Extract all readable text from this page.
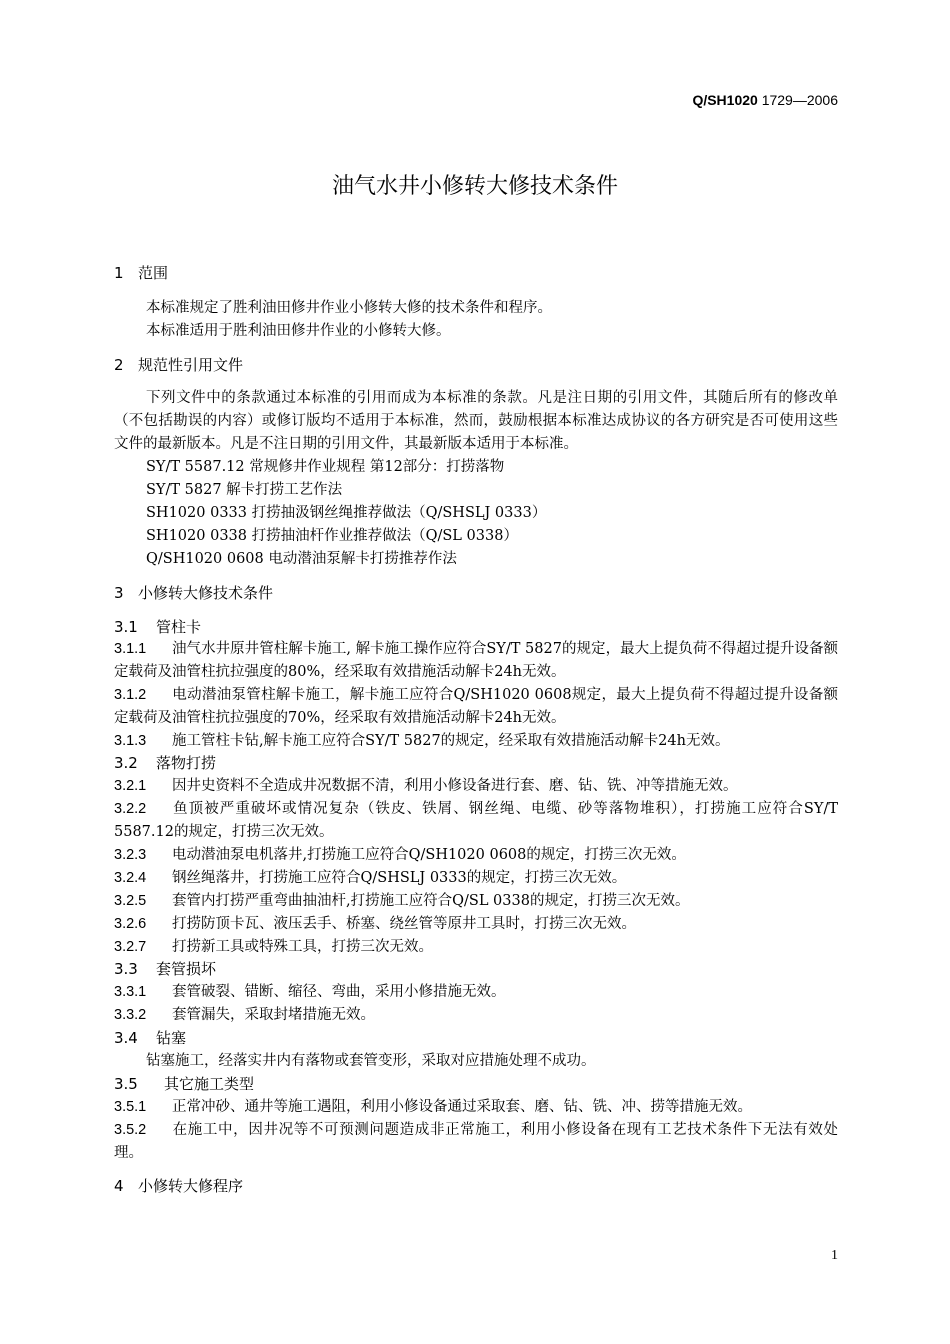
Q/SH1020 1729—2006
油气水井小修转大修技术条件
1 范围
本标准规定了胜利油田修井作业小修转大修的技术条件和程序。
本标准适用于胜利油田修井作业的小修转大修。
2 规范性引用文件
下列文件中的条款通过本标准的引用而成为本标准的条款。凡是注日期的引用文件，其随后所有的修改单（不包括勘误的内容）或修订版均不适用于本标准，然而，鼓励根据本标准达成协议的各方研究是否可使用这些文件的最新版本。凡是不注日期的引用文件，其最新版本适用于本标准。
SY/T 5587.12 常规修井作业规程 第12部分：打捞落物
SY/T 5827 解卡打捞工艺作法
SH1020 0333 打捞抽汲钢丝绳推荐做法（Q/SHSLJ 0333）
SH1020 0338 打捞抽油杆作业推荐做法（Q/SL 0338）
Q/SH1020 0608 电动潜油泵解卡打捞推荐作法
3 小修转大修技术条件
3.1 管柱卡
3.1.1 油气水井原井管柱解卡施工, 解卡施工操作应符合SY/T 5827的规定，最大上提负荷不得超过提升设备额定载荷及油管柱抗拉强度的80%，经采取有效措施活动解卡24h无效。
3.1.2 电动潜油泵管柱解卡施工，解卡施工应符合Q/SH1020 0608规定，最大上提负荷不得超过提升设备额定载荷及油管柱抗拉强度的70%，经采取有效措施活动解卡24h无效。
3.1.3 施工管柱卡钻,解卡施工应符合SY/T 5827的规定，经采取有效措施活动解卡24h无效。
3.2 落物打捞
3.2.1 因井史资料不全造成井况数据不清，利用小修设备进行套、磨、钻、铣、冲等措施无效。
3.2.2 鱼顶被严重破坏或情况复杂（铁皮、铁屑、钢丝绳、电缆、砂等落物堆积），打捞施工应符合SY/T 5587.12的规定，打捞三次无效。
3.2.3 电动潜油泵电机落井,打捞施工应符合Q/SH1020 0608的规定，打捞三次无效。
3.2.4 钢丝绳落井，打捞施工应符合Q/SHSLJ 0333的规定，打捞三次无效。
3.2.5 套管内打捞严重弯曲抽油杆,打捞施工应符合Q/SL 0338的规定，打捞三次无效。
3.2.6 打捞防顶卡瓦、液压丢手、桥塞、绕丝管等原井工具时，打捞三次无效。
3.2.7 打捞新工具或特殊工具，打捞三次无效。
3.3 套管损坏
3.3.1 套管破裂、错断、缩径、弯曲，采用小修措施无效。
3.3.2 套管漏失，采取封堵措施无效。
3.4 钻塞
钻塞施工，经落实井内有落物或套管变形，采取对应措施处理不成功。
3.5 其它施工类型
3.5.1 正常冲砂、通井等施工遇阻，利用小修设备通过采取套、磨、钻、铣、冲、捞等措施无效。
3.5.2 在施工中，因井况等不可预测问题造成非正常施工，利用小修设备在现有工艺技术条件下无法有效处理。
4 小修转大修程序
1
